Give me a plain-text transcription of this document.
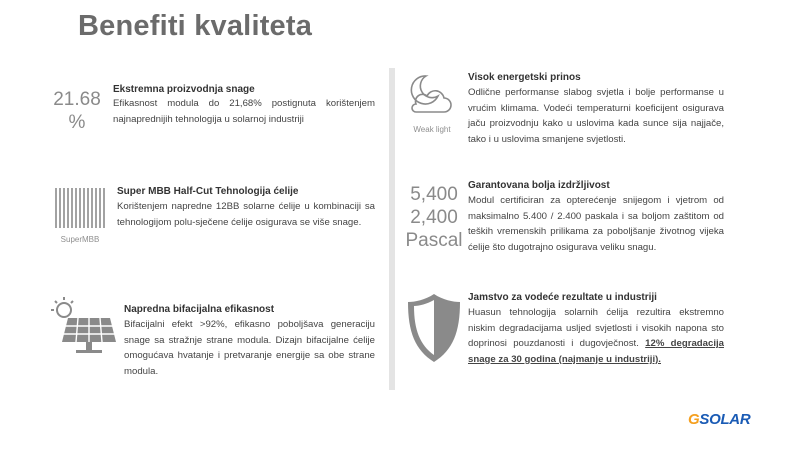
Benefiti kvaliteta
21.68
%
Ekstremna proizvodnja snage
Efikasnost modula do 21,68% postignuta korištenjem najnaprednijih tehnologija u solarnoj industriji
Weak light
Visok energetski prinos
Odlične performanse slabog svjetla i bolje performanse u vrućim klimama. Vodeći temperaturni koeficijent osigurava jaču proizvodnju kako u uslovima kada sunce sija najjače, tako i u uslovima smanjene svjetlosti.
SuperMBB
Super MBB Half-Cut Tehnologija ćelije
Korištenjem napredne 12BB solarne ćelije u kombinaciji sa tehnologijom polu-sječene ćelije osigurava se više snage.
5,400
2,400
Pascal
Garantovana bolja izdržljivost
Modul certificiran za opterećenje snijegom i vjetrom od maksimalno 5.400 / 2.400 paskala i sa boljom zaštitom od teških vremenskih prilikama za poboljšanje životnog vijeka ćelije što dugotrajno osigurava veliku snagu.
Napredna bifacijalna efikasnost
Bifacijalni efekt >92%, efikasno poboljšava generaciju snage sa stražnje strane modula. Dizajn bifacijalne ćelije omogućava hvatanje i pretvaranje energije sa obe strane modula.
Jamstvo za vodeće rezultate u industriji
Huasun tehnologija solarnih ćelija rezultira ekstremno niskim degradacijama usljed svjetlosti i visokih napona sto doprinosi pouzdanosti i dugovječnost. 12% degradacija snage za 30 godina (najmanje u industriji).
GSOLAR
